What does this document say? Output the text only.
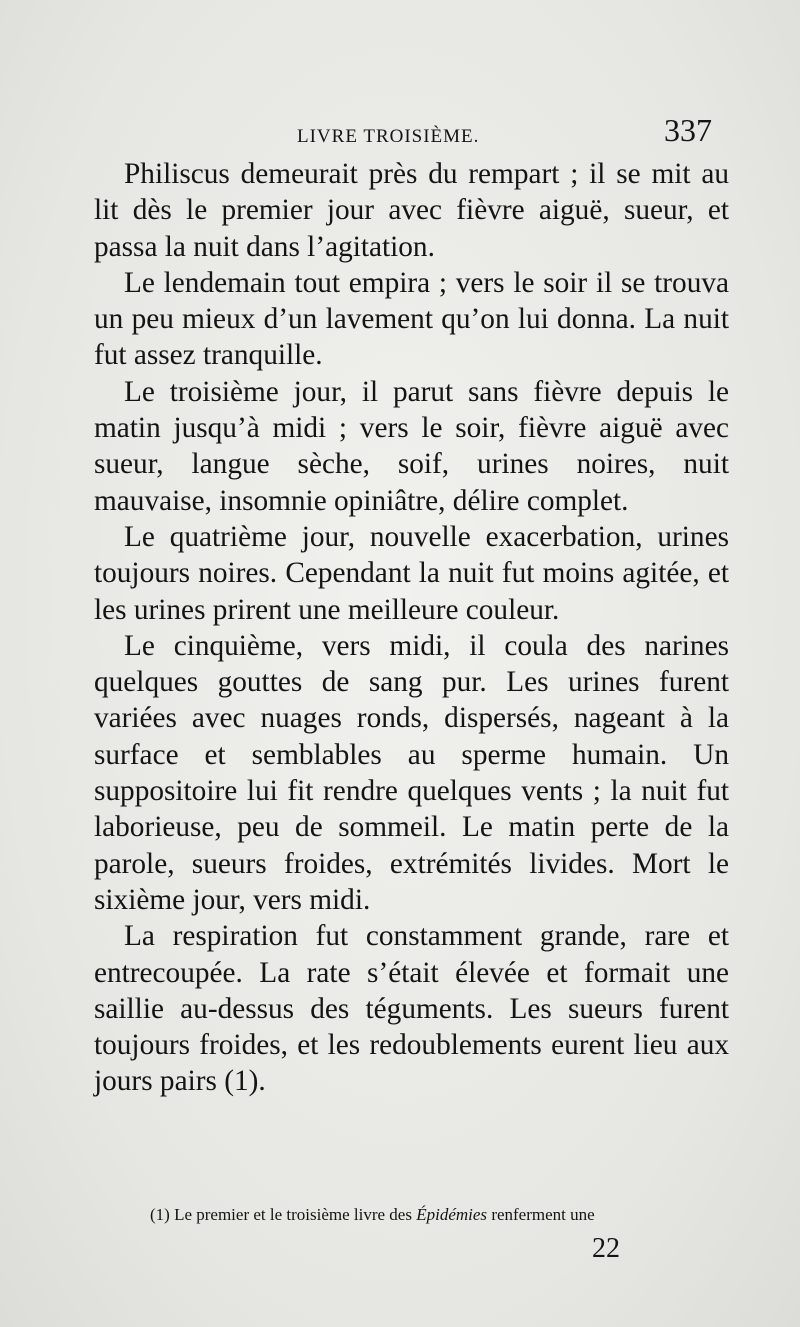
LIVRE TROISIÈME.	337

Philiscus demeurait près du rempart ; il se mit au lit dès le premier jour avec fièvre aiguë, sueur, et passa la nuit dans l’agitation.

Le lendemain tout empira ; vers le soir il se trouva un peu mieux d’un lavement qu’on lui donna. La nuit fut assez tranquille.

Le troisième jour, il parut sans fièvre depuis le matin jusqu’à midi ; vers le soir, fièvre aiguë avec sueur, langue sèche, soif, urines noires, nuit mauvaise, insomnie opiniâtre, délire complet.

Le quatrième jour, nouvelle exacerbation, urines toujours noires. Cependant la nuit fut moins agitée, et les urines prirent une meilleure couleur.

Le cinquième, vers midi, il coula des narines quelques gouttes de sang pur. Les urines furent variées avec nuages ronds, dispersés, nageant à la surface et semblables au sperme humain. Un suppositoire lui fit rendre quelques vents ; la nuit fut laborieuse, peu de sommeil. Le matin perte de la parole, sueurs froides, extrémités livides. Mort le sixième jour, vers midi.

La respiration fut constamment grande, rare et entrecoupée. La rate s’était élevée et formait une saillie au-dessus des téguments. Les sueurs furent toujours froides, et les redoublements eurent lieu aux jours pairs (1).

(1) Le premier et le troisième livre des Épidémies renferment une
22
